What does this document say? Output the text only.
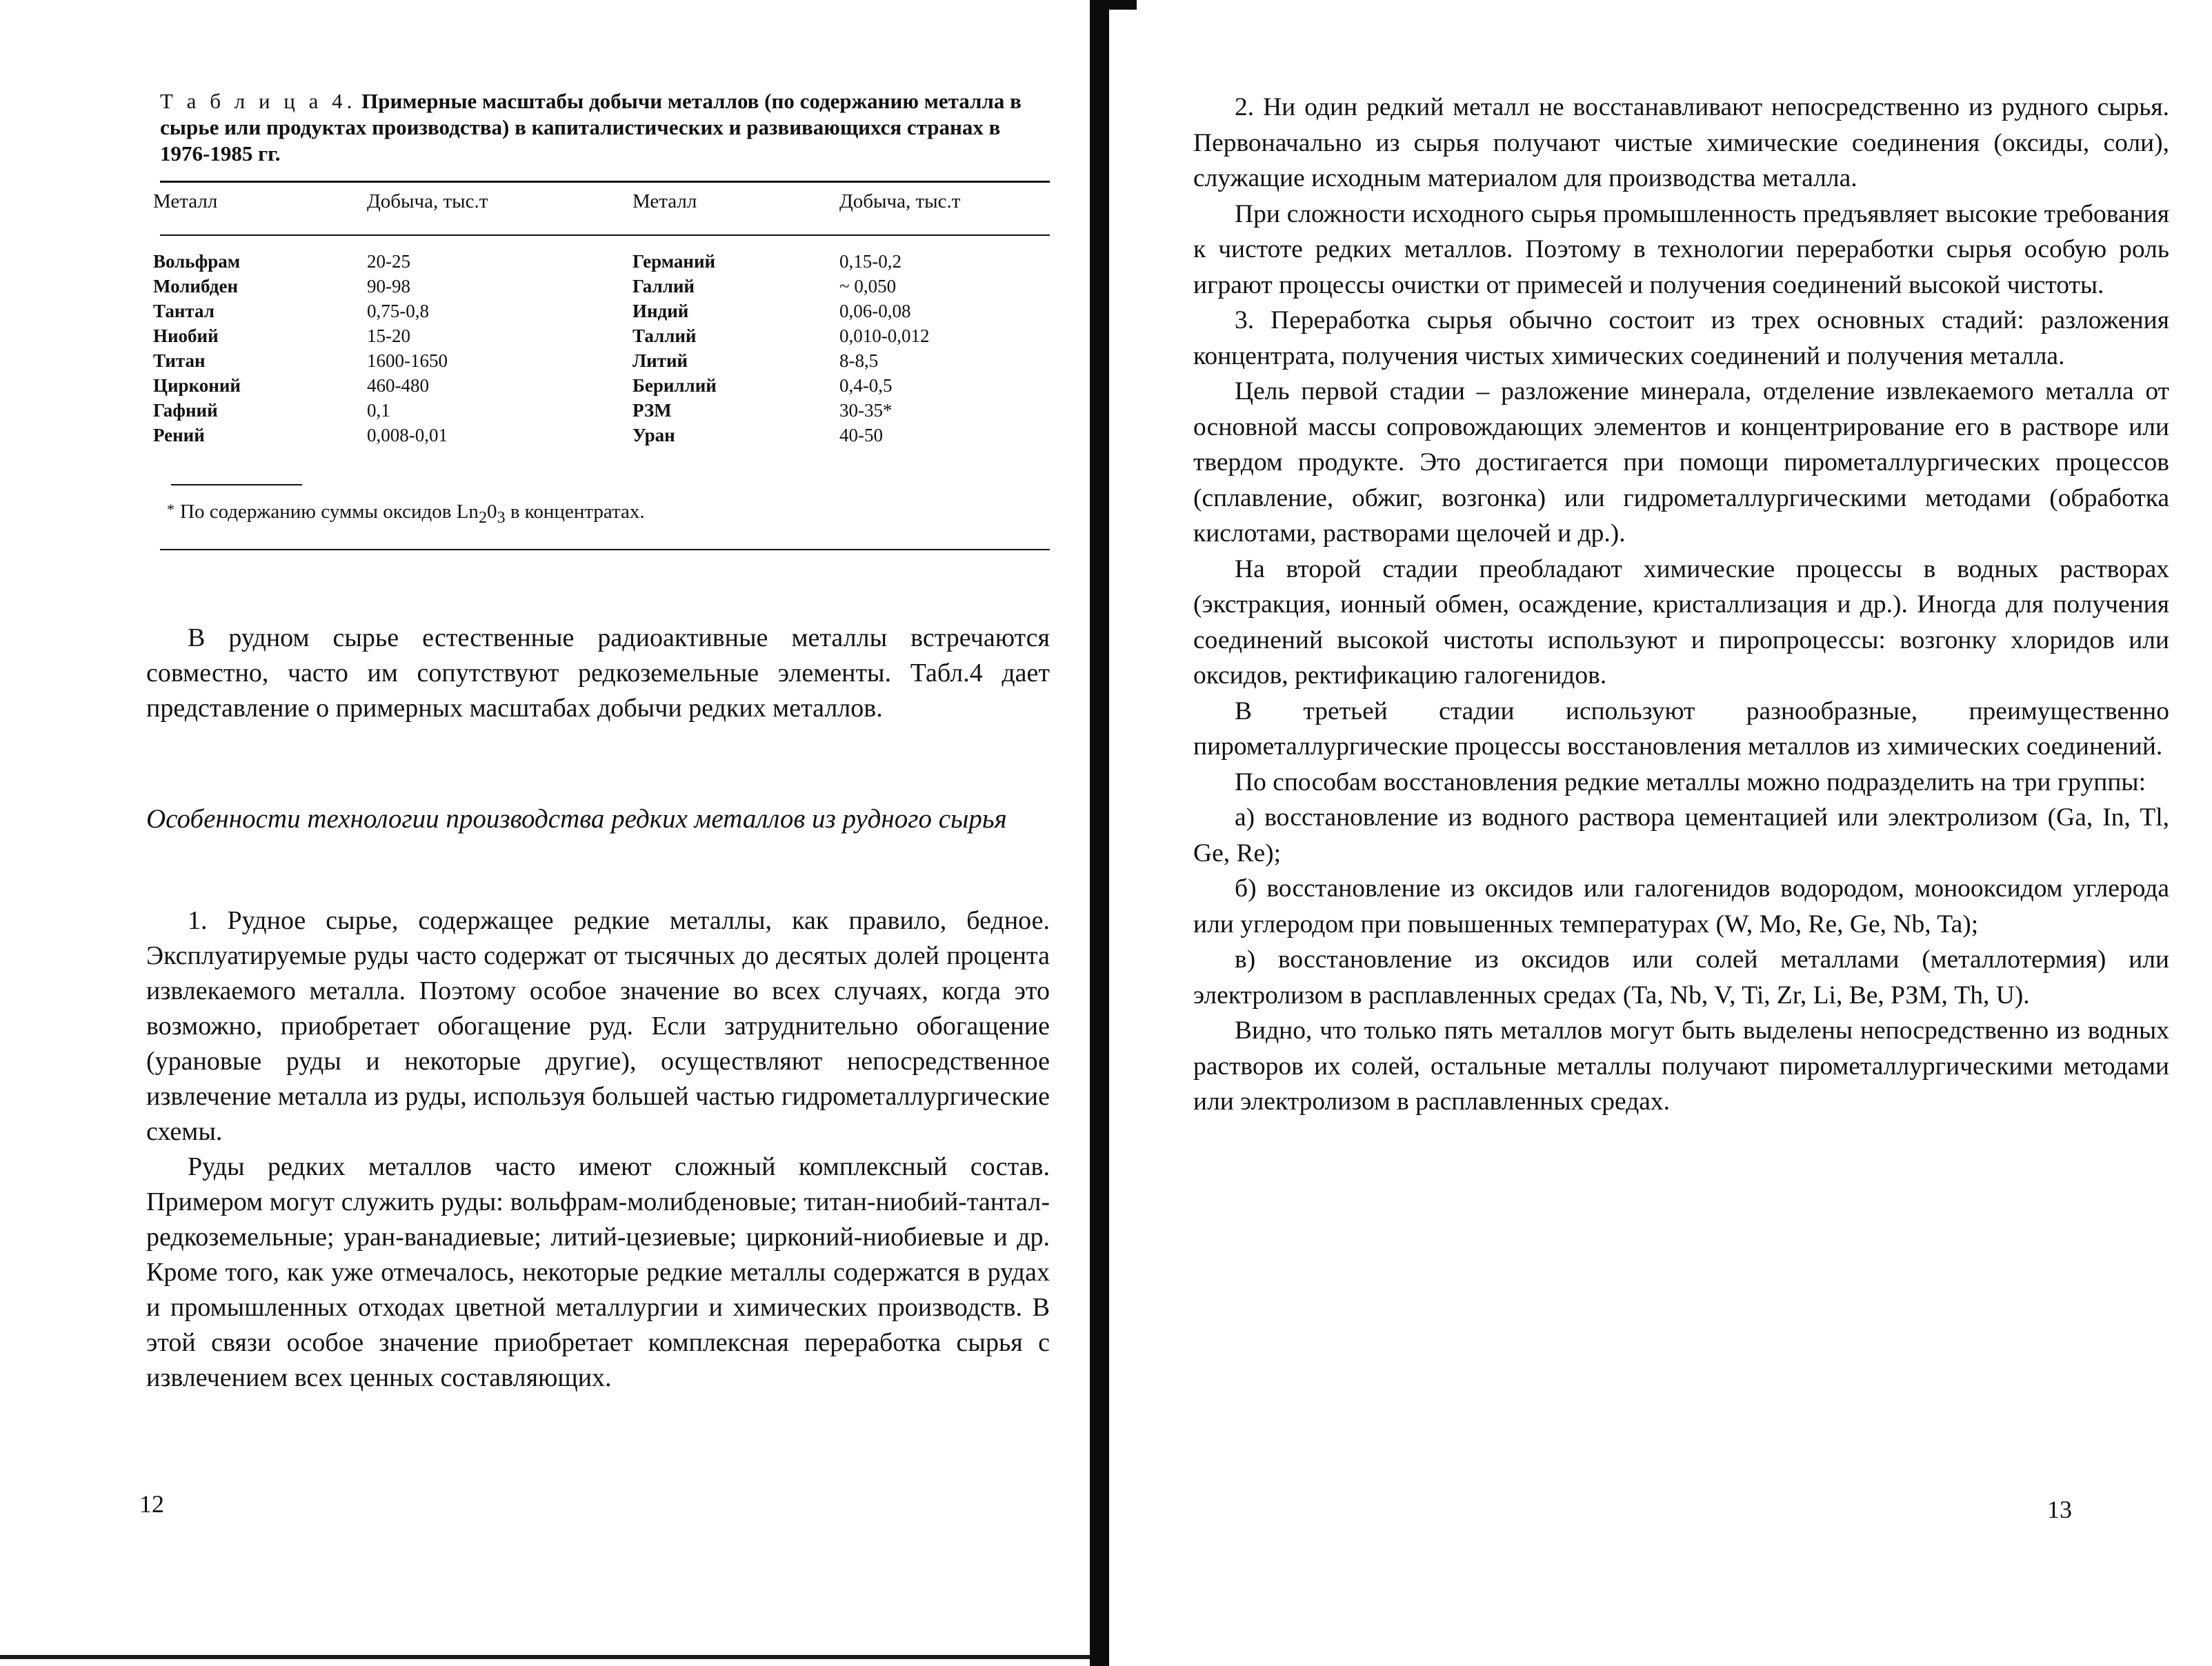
Т а б л и ц а 4. Примерные масштабы добычи металлов (по содержанию металла в сырье или продуктах производства) в капиталистических и развивающихся странах в 1976-1985 гг.
Металл	Добыча, тыс.т	Металл	Добыча, тыс.т
Вольфрам	20-25	Германий	0,15-0,2
Молибден	90-98	Галлий	~ 0,050
Тантал	0,75-0,8	Индий	0,06-0,08
Ниобий	15-20	Таллий	0,010-0,012
Титан	1600-1650	Литий	8-8,5
Цирконий	460-480	Бериллий	0,4-0,5
Гафний	0,1	РЗМ	30-35*
Рений	0,008-0,01	Уран	40-50
* По содержанию суммы оксидов $Ln_20_3$ в концентратах.

В рудном сырье естественные радиоактивные металлы встречаются совместно, часто им сопутствуют редкоземельные элементы. Табл.4 дает представление о примерных масштабах добычи редких металлов.

Особенности технологии производства редких металлов из рудного сырья

1. Рудное сырье, содержащее редкие металлы, как правило, бедное. Эксплуатируемые руды часто содержат от тысячных до десятых долей процента извлекаемого металла. Поэтому особое значение во всех случаях, когда это возможно, приобретает обогащение руд. Если затруднительно обогащение (урановые руды и некоторые другие), осуществляют непосредственное извлечение металла из руды, используя большей частью гидрометаллургические схемы.

Руды редких металлов часто имеют сложный комплексный состав. Примером могут служить руды: вольфрам-молибденовые; титан-ниобий-тантал-редкоземельные; уран-ванадиевые; литий-цезиевые; цирконий-ниобиевые и др. Кроме того, как уже отмечалось, некоторые редкие металлы содержатся в рудах и промышленных отходах цветной металлургии и химических производств. В этой связи особое значение приобретает комплексная переработка сырья с извлечением всех ценных составляющих.

12

2. Ни один редкий металл не восстанавливают непосредственно из рудного сырья. Первоначально из сырья получают чистые химические соединения (оксиды, соли), служащие исходным материалом для производства металла.

При сложности исходного сырья промышленность предъявляет высокие требования к чистоте редких металлов. Поэтому в технологии переработки сырья особую роль играют процессы очистки от примесей и получения соединений высокой чистоты.

3. Переработка сырья обычно состоит из трех основных стадий: разложения концентрата, получения чистых химических соединений и получения металла.

Цель первой стадии – разложение минерала, отделение извлекаемого металла от основной массы сопровождающих элементов и концентрирование его в растворе или твердом продукте. Это достигается при помощи пирометаллургических процессов (сплавление, обжиг, возгонка) или гидрометаллургическими методами (обработка кислотами, растворами щелочей и др.).

На второй стадии преобладают химические процессы в водных растворах (экстракция, ионный обмен, осаждение, кристаллизация и др.). Иногда для получения соединений высокой чистоты используют и пиропроцессы: возгонку хлоридов или оксидов, ректификацию галогенидов.

В третьей стадии используют разнообразные, преимущественно пирометаллургические процессы восстановления металлов из химических соединений.

По способам восстановления редкие металлы можно подразделить на три группы:

а) восстановление из водного раствора цементацией или электролизом (Ga, In, Tl, Ge, Re);

б) восстановление из оксидов или галогенидов водородом, монооксидом углерода или углеродом при повышенных температурах (W, Mo, Re, Ge, Nb, Ta);

в) восстановление из оксидов или солей металлами (металлотермия) или электролизом в расплавленных средах (Ta, Nb, V, Ti, Zr, Li, Be, РЗМ, Th, U).

Видно, что только пять металлов могут быть выделены непосредственно из водных растворов их солей, остальные металлы получают пирометаллургическими методами или электролизом в расплавленных средах.

13
